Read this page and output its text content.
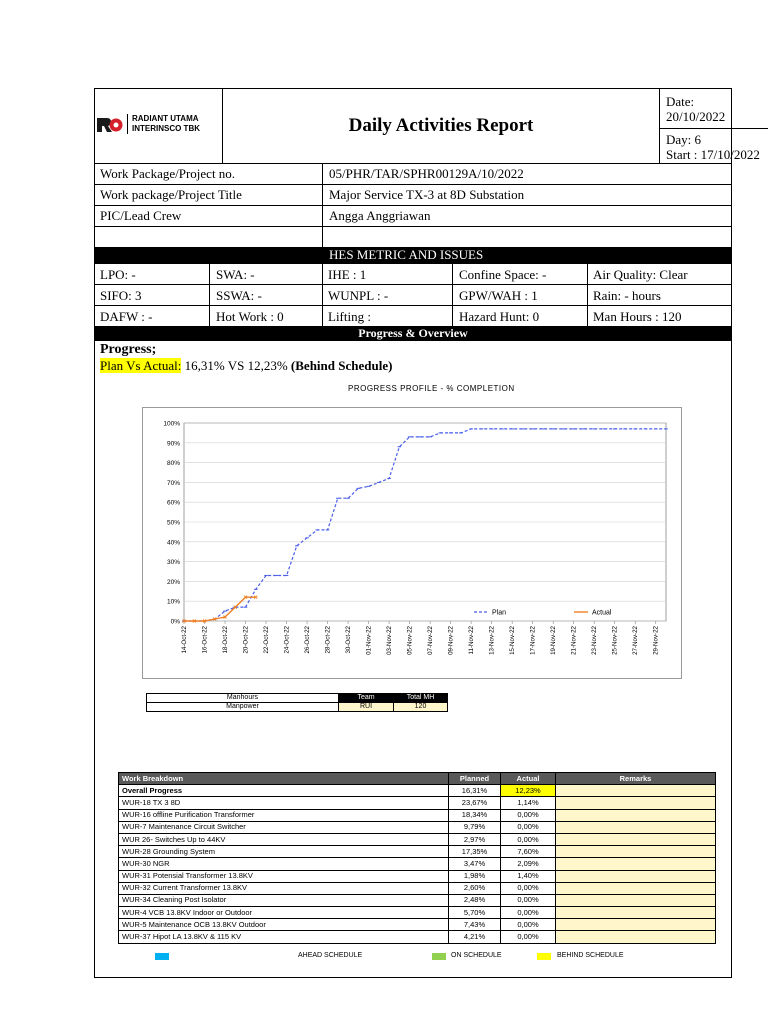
RADIANT UTAMA
INTERINSCO TBK	Daily Activities Report
Date:
20/10/2022
Day: 6
Start : 17/10/2022
Work Package/Project no.	05/PHR/TAR/SPHR00129A/10/2022
Work package/Project Title	Major Service TX-3 at 8D Substation
PIC/Lead Crew	Angga Anggriawan
HES METRIC AND ISSUES
LPO: -	SWA: -	IHE : 1	Confine Space: -	Air Quality: Clear
SIFO: 3	SSWA: -	WUNPL : -	GPW/WAH : 1	Rain: - hours
DAFW : -	Hot Work : 0	Lifting :	Hazard Hunt: 0	Man Hours : 120
Progress & Overview
Progress;
Plan Vs Actual: 16,31% VS 12,23% (Behind Schedule)
PROGRESS PROFILE - % COMPLETION
0%
10%
20%
30%
40%
50%
60%
70%
80%
90%
100%
14-Oct-22 16-Oct-22 18-Oct-22 20-Oct-22 22-Oct-22 24-Oct-22 26-Oct-22 28-Oct-22 30-Oct-22 01-Nov-22 03-Nov-22 05-Nov-22 07-Nov-22 09-Nov-22 11-Nov-22 13-Nov-22 15-Nov-22 17-Nov-22 19-Nov-22 21-Nov-22 23-Nov-22 25-Nov-22 27-Nov-22 29-Nov-22
Plan	Actual
Manhours	Team	Total MH
Manpower	RUI	120
Work Breakdown	Planned	Actual	Remarks
Overall Progress	16,31%	12,23%	
WUR-18 TX 3 8D	23,67%	1,14%	
WUR-16 offline Purification Transformer	18,34%	0,00%	
WUR-7 Maintenance Circuit Switcher	9,79%	0,00%	
WUR 26- Switches Up to 44KV	2,97%	0,00%	
WUR-28 Grounding System	17,35%	7,60%	
WUR-30 NGR	3,47%	2,09%	
WUR-31 Potensial Transformer 13.8KV	1,98%	1,40%	
WUR-32 Current Transformer 13.8KV	2,60%	0,00%	
WUR-34 Cleaning Post Isolator	2,48%	0,00%	
WUR-4 VCB 13.8KV Indoor or Outdoor	5,70%	0,00%	
WUR-5 Maintenance OCB 13.8KV Outdoor	7,43%	0,00%	
WUR-37 Hipot LA 13.8KV & 115 KV	4,21%	0,00%	
AHEAD SCHEDULE	ON SCHEDULE	BEHIND SCHEDULE
